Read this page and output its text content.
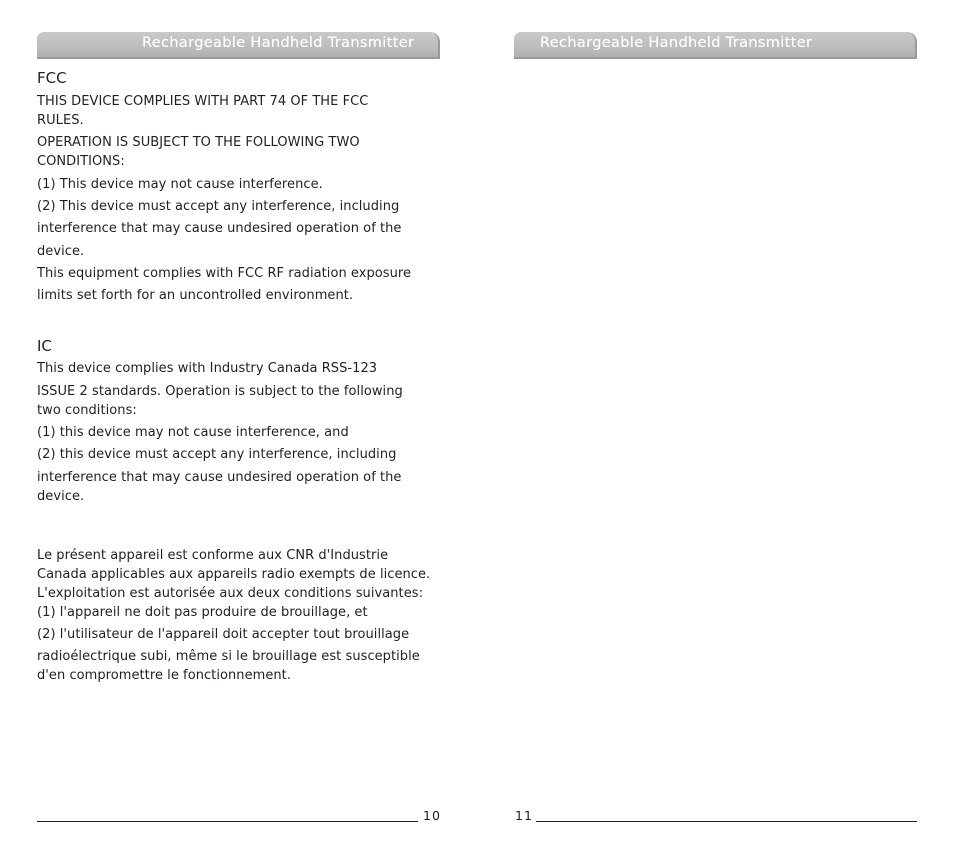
Rechargeable Handheld Transmitter	Rechargeable Handheld Transmitter
FCC
THIS DEVICE COMPLIES WITH PART 74 OF THE FCC
RULES.
OPERATION IS SUBJECT TO THE FOLLOWING TWO
CONDITIONS:
(1) This device may not cause interference.
(2) This device must accept any interference, including
interference that may cause undesired operation of the
device.
This equipment complies with FCC RF radiation exposure
limits set forth for an uncontrolled environment.
IC
This device complies with Industry Canada RSS-123
ISSUE 2 standards. Operation is subject to the following
two conditions:
(1) this device may not cause interference, and
(2) this device must accept any interference, including
interference that may cause undesired operation of the
device.
Le présent appareil est conforme aux CNR d'Industrie
Canada applicables aux appareils radio exempts de licence.
L'exploitation est autorisée aux deux conditions suivantes:
(1) l'appareil ne doit pas produire de brouillage, et
(2) l'utilisateur de l'appareil doit accepter tout brouillage
radioélectrique subi, même si le brouillage est susceptible
d'en compromettre le fonctionnement.
10	11
